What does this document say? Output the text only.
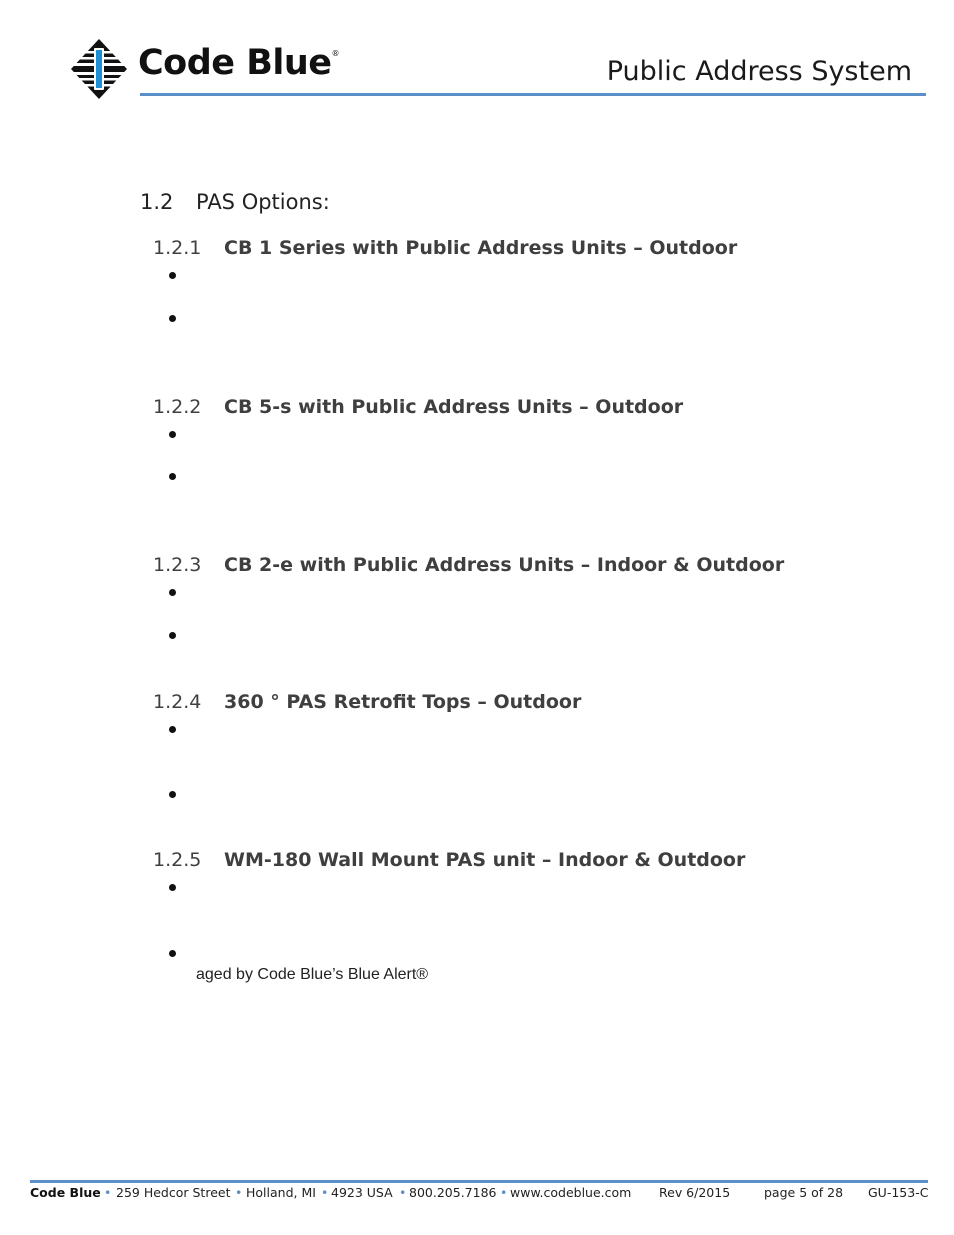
Code Blue®
Public Address System
1.2 PAS Options:
1.2.1 CB 1 Series with Public Address Units – Outdoor
1.2.2 CB 5-s with Public Address Units – Outdoor
1.2.3 CB 2-e with Public Address Units – Indoor & Outdoor
1.2.4 360 ° PAS Retrofit Tops – Outdoor
1.2.5 WM-180 Wall Mount PAS unit – Indoor & Outdoor
aged by Code Blue’s Blue Alert®
Code Blue • 259 Hedcor Street • Holland, MI • 4923 USA • 800.205.7186 • www.codeblue.com Rev 6/2015	page 5 of 28 GU-153-C
